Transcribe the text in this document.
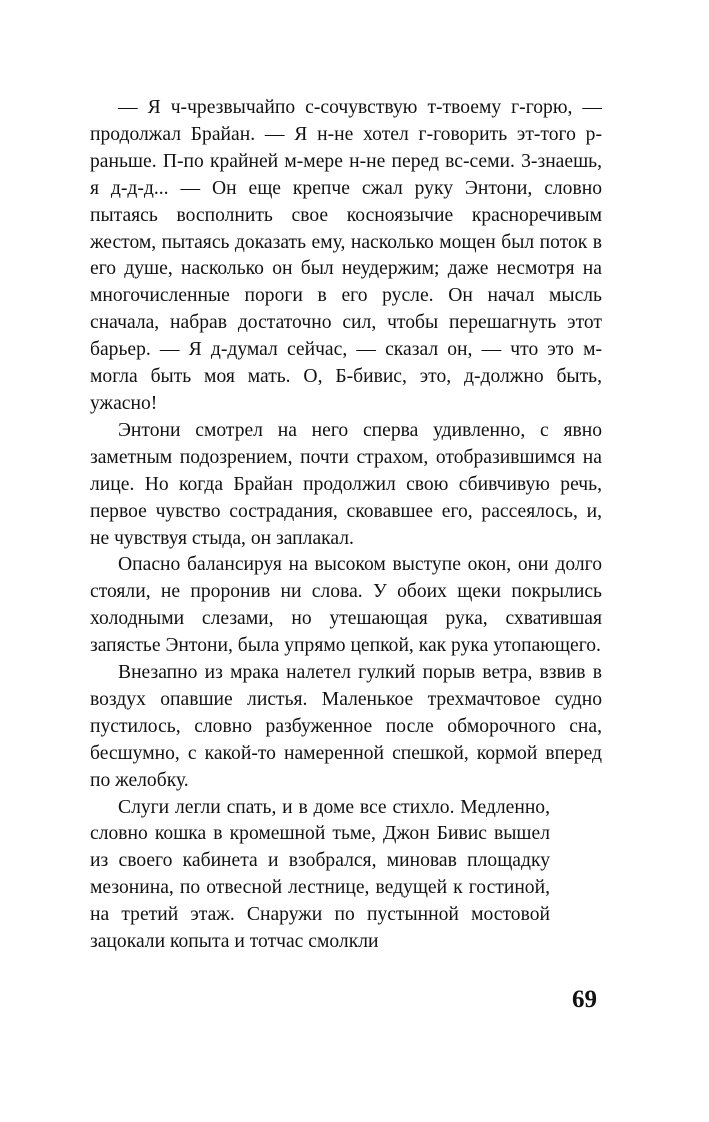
— Я ч-чрезвычайпо с-сочувствую т-твоему г-горю, — продолжал Брайан. — Я н-не хотел г-говорить эт-того р-раньше. П-по крайней м-мере н-не перед вс-семи. 3-знаешь, я д-д-д... — Он еще крепче сжал руку Энтони, словно пытаясь восполнить свое косноязычие красноречивым жестом, пытаясь доказать ему, насколько мощен был поток в его душе, насколько он был неудержим; даже несмотря на многочисленные пороги в его русле. Он начал мысль сначала, набрав достаточно сил, чтобы перешагнуть этот барьер. — Я д-думал сейчас, — сказал он, — что это м-могла быть моя мать. О, Б-бивис, это, д-должно быть, ужасно!

Энтони смотрел на него сперва удивленно, с явно заметным подозрением, почти страхом, отобразившимся на лице. Но когда Брайан продолжил свою сбивчивую речь, первое чувство сострадания, сковавшее его, рассеялось, и, не чувствуя стыда, он заплакал.

Опасно балансируя на высоком выступе окон, они долго стояли, не проронив ни слова. У обоих щеки покрылись холодными слезами, но утешающая рука, схватившая запястье Энтони, была упрямо цепкой, как рука утопающего.

Внезапно из мрака налетел гулкий порыв ветра, взвив в воздух опавшие листья. Маленькое трехмачтовое судно пустилось, словно разбуженное после обморочного сна, бесшумно, с какой-то намеренной спешкой, кормой вперед по желобку.

Слуги легли спать, и в доме все стихло. Медленно, словно кошка в кромешной тьме, Джон Бивис вышел из своего кабинета и взобрался, миновав площадку мезонина, по отвесной лестнице, ведущей к гостиной, на третий этаж. Снаружи по пустынной мостовой зацокали копыта и тотчас смолкли

69
